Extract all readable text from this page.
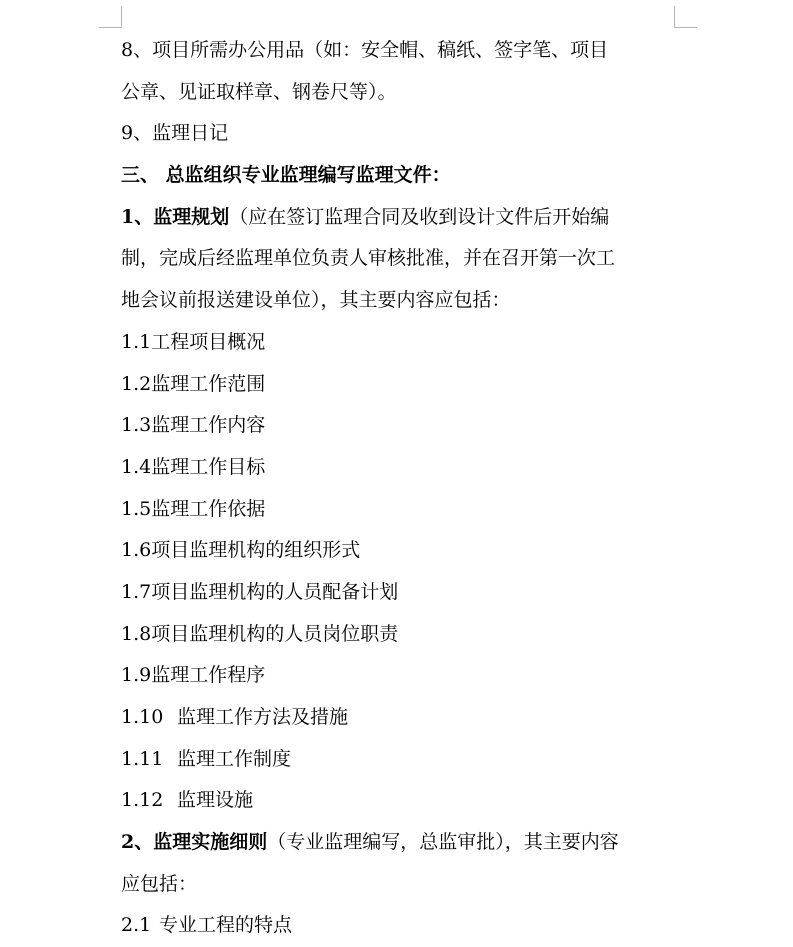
8、项目所需办公用品（如：安全帽、稿纸、签字笔、项目
公章、见证取样章、钢卷尺等）。
9、监理日记
三、 总监组织专业监理编写监理文件：
1、监理规划（应在签订监理合同及收到设计文件后开始编
制，完成后经监理单位负责人审核批准，并在召开第一次工
地会议前报送建设单位），其主要内容应包括：
1.1工程项目概况
1.2监理工作范围
1.3监理工作内容
1.4监理工作目标
1.5监理工作依据
1.6项目监理机构的组织形式
1.7项目监理机构的人员配备计划
1.8项目监理机构的人员岗位职责
1.9监理工作程序
1.10 监理工作方法及措施
1.11 监理工作制度
1.12 监理设施
2、监理实施细则（专业监理编写，总监审批），其主要内容
应包括：
2.1 专业工程的特点
